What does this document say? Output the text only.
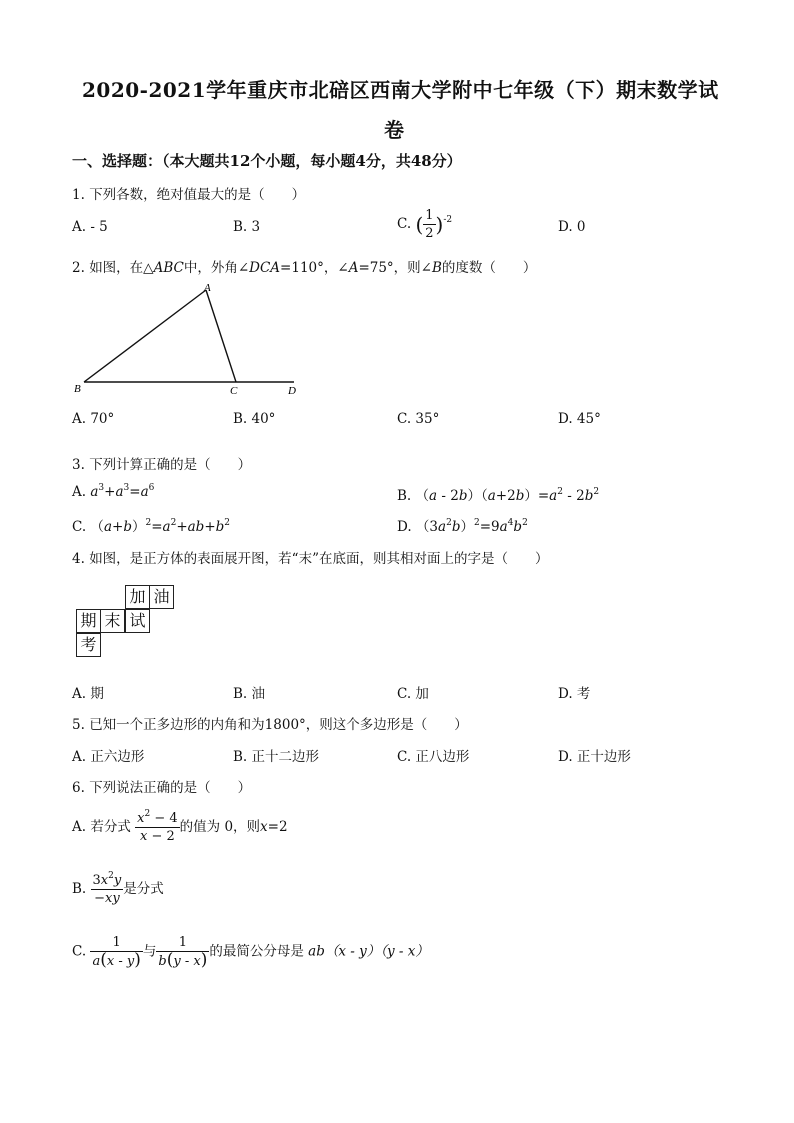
2020-2021学年重庆市北碚区西南大学附中七年级（下）期末数学试
卷
一、选择题：（本大题共12个小题，每小题4分，共48分）
1. 下列各数，绝对值最大的是（　　）
A. - 5	B. 3	C. ( $\frac{1}{2} )^{-2}$	D. 0
2. 如图，在△ABC中，外角∠DCA=110°，∠A=75°，则∠B的度数（　　）
A
B	C	D
A. 70°	B. 40°	C. 35°	D. 45°
3. 下列计算正确的是（　　）
A. $a^3+a^3=a^6$	B. $(a - 2b)(a+2b)=a^2 - 2b^2$
C. $(a+b)^2=a^2+ab+b^2$	D. $(3a^2b)^2=9a^4b^2$
4. 如图，是正方体的表面展开图，若“末”在底面，则其相对面上的字是（　　）
加 油
期 末 试
考
A. 期	B. 油	C. 加	D. 考
5. 已知一个正多边形的内角和为1800°，则这个多边形是（　　）
A. 正六边形	B. 正十二边形	C. 正八边形	D. 正十边形
6. 下列说法正确的是（　　）
A. 若分式 $\frac{x^2 - 4}{x - 2}$ 的值为 0，则x=2
B. $\frac{3x^2y}{-xy}$ 是分式
C. $\frac{1}{a(x - y)}$ 与 $\frac{1}{b(y - x)}$ 的最简公分母是 ab（x - y）（y - x）
